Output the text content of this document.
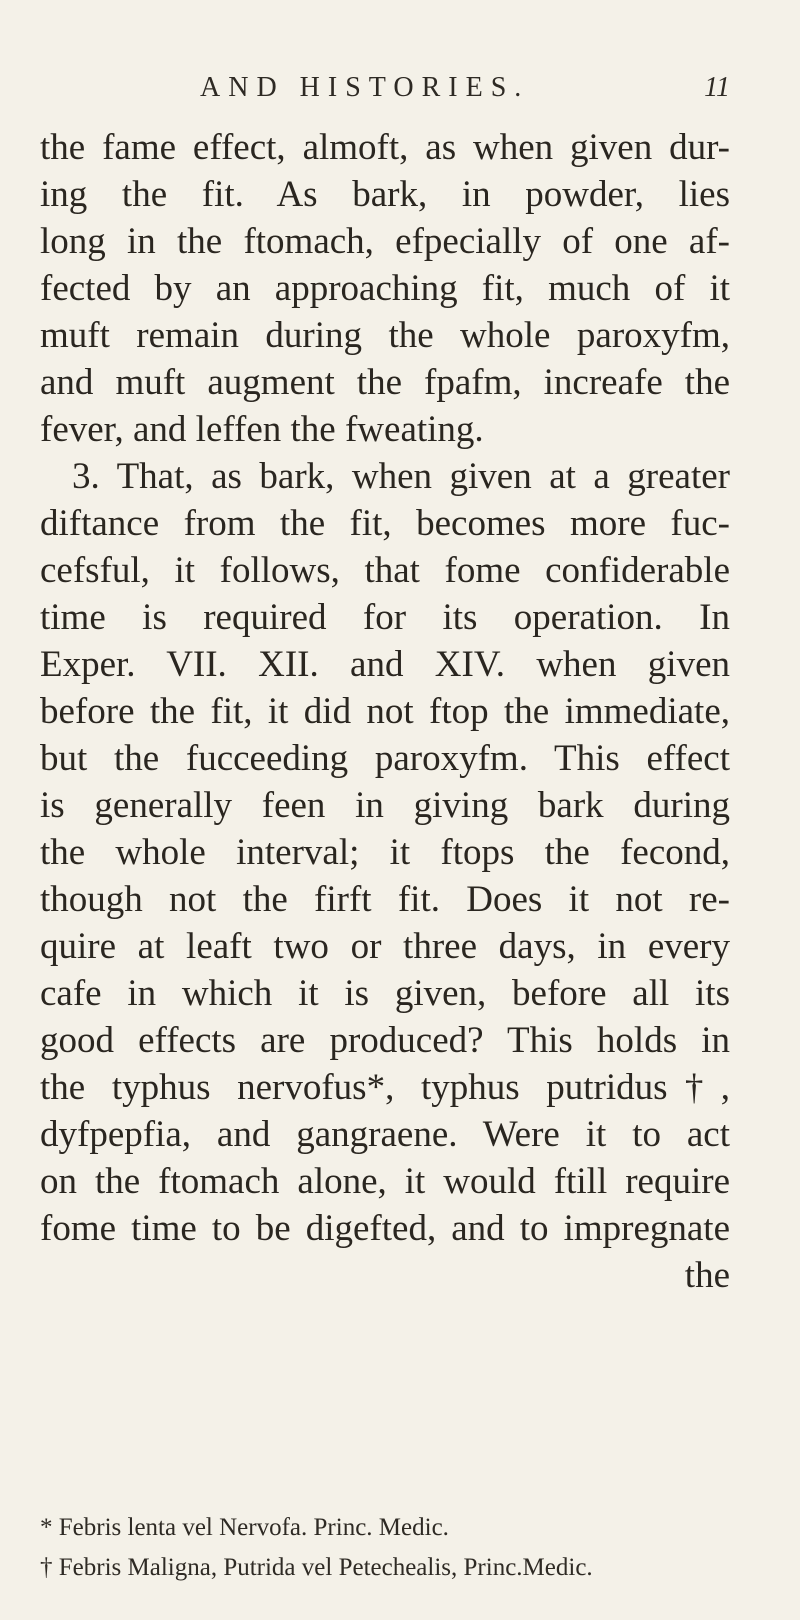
AND HISTORIES.	11
the fame effect, almoft, as when given dur-
ing the fit. As bark, in powder, lies
long in the ftomach, efpecially of one af-
fected by an approaching fit, much of it
muft remain during the whole paroxyfm,
and muft augment the fpafm, increafe the
fever, and leffen the fweating.
3. That, as bark, when given at a greater
diftance from the fit, becomes more fuc-
cefsful, it follows, that fome confiderable
time is required for its operation. In
Exper. VII. XII. and XIV. when given
before the fit, it did not ftop the immediate,
but the fucceeding paroxyfm. This effect
is generally feen in giving bark during
the whole interval; it ftops the fecond,
though not the firft fit. Does it not re-
quire at leaft two or three days, in every
cafe in which it is given, before all its
good effects are produced? This holds in
the typhus nervofus*, typhus putridus†,
dyfpepfia, and gangraene. Were it to act
on the ftomach alone, it would ftill require
fome time to be digefted, and to impregnate
the
* Febris lenta vel Nervofa. Princ. Medic.
† Febris Maligna, Putrida vel Petechealis, Princ.Medic.
